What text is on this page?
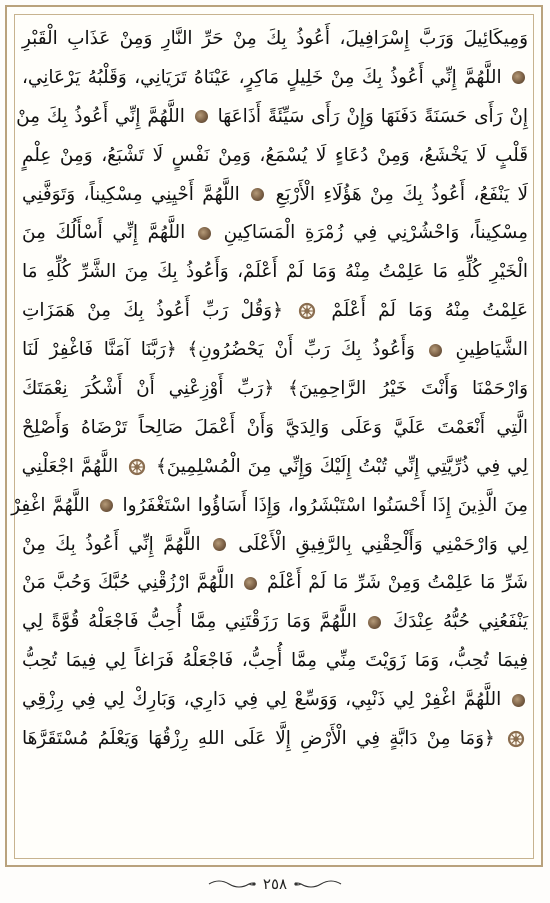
وَمِيكَائِيلَ وَرَبَّ إِسْرَافِيلَ، أَعُوذُ بِكَ مِنْ حَرِّ النَّارِ وَمِنْ عَذَابِ الْقَبْرِ
اللَّهُمَّ إِنِّي أَعُوذُ بِكَ مِنْ خَلِيلٍ مَاكِرٍ، عَيْنَاهُ تَرَيَانِي، وَقَلْبُهُ يَرْعَانِي،
إِنْ رَأَى حَسَنَةً دَفَنَهَا وَإِنْ رَأَى سَيِّئَةً أَذَاعَهَا  اللَّهُمَّ إِنِّي أَعُوذُ بِكَ مِنْ
قَلْبٍ لَا يَخْشَعُ، وَمِنْ دُعَاءٍ لَا يُسْمَعُ، وَمِنْ نَفْسٍ لَا تَشْبَعُ، وَمِنْ عِلْمٍ
لَا يَنْفَعُ، أَعُوذُ بِكَ مِنْ هَؤُلَاءِ الْأَرْبَعِ  اللَّهُمَّ أَحْيِنِي مِسْكِيناً، وَتَوَفَّنِي
مِسْكِيناً، وَاحْشُرْنِي فِي زُمْرَةِ الْمَسَاكِينِ  اللَّهُمَّ إِنِّي أَسْأَلُكَ مِنَ
الْخَيْرِ كُلِّهِ مَا عَلِمْتُ مِنْهُ وَمَا لَمْ أَعْلَمْ، وَأَعُوذُ بِكَ مِنَ الشَّرِّ كُلِّهِ مَا
عَلِمْتُ مِنْهُ وَمَا لَمْ أَعْلَمْ  ﴿وَقُلْ رَبِّ أَعُوذُ بِكَ مِنْ هَمَزَاتِ
الشَّيَاطِينِ  وَأَعُوذُ بِكَ رَبِّ أَنْ يَحْضُرُونِ﴾ ﴿رَبَّنَا آمَنَّا فَاغْفِرْ لَنَا
وَارْحَمْنَا وَأَنْتَ خَيْرُ الرَّاحِمِينَ﴾ ﴿رَبِّ أَوْزِعْنِي أَنْ أَشْكُرَ نِعْمَتَكَ
الَّتِي أَنْعَمْتَ عَلَيَّ وَعَلَى وَالِدَيَّ وَأَنْ أَعْمَلَ صَالِحاً تَرْضَاهُ وَأَصْلِحْ
لِي فِي ذُرِّيَّتِي إِنِّي تُبْتُ إِلَيْكَ وَإِنِّي مِنَ الْمُسْلِمِينَ﴾  اللَّهُمَّ اجْعَلْنِي
مِنَ الَّذِينَ إِذَا أَحْسَنُوا اسْتَبْشَرُوا، وَإِذَا أَسَاؤُوا اسْتَغْفَرُوا  اللَّهُمَّ اغْفِرْ
لِي وَارْحَمْنِي وَأَلْحِقْنِي بِالرَّفِيقِ الْأَعْلَى  اللَّهُمَّ إِنِّي أَعُوذُ بِكَ مِنْ
شَرِّ مَا عَلِمْتُ وَمِنْ شَرِّ مَا لَمْ أَعْلَمْ  اللَّهُمَّ ارْزُقْنِي حُبَّكَ وَحُبَّ مَنْ
يَنْفَعُنِي حُبُّهُ عِنْدَكَ  اللَّهُمَّ وَمَا رَزَقْتَنِي مِمَّا أُحِبُّ فَاجْعَلْهُ قُوَّةً لِي
فِيمَا تُحِبُّ، وَمَا زَوَيْتَ مِنِّي مِمَّا أُحِبُّ، فَاجْعَلْهُ فَرَاغاً لِي فِيمَا تُحِبُّ
اللَّهُمَّ اغْفِرْ لِي ذَنْبِي، وَوَسِّعْ لِي فِي دَارِي، وَبَارِكْ لِي فِي رِزْقِي
﴿وَمَا مِنْ دَابَّةٍ فِي الْأَرْضِ إِلَّا عَلَى اللهِ رِزْقُهَا وَيَعْلَمُ مُسْتَقَرَّهَا
٢٥٨
